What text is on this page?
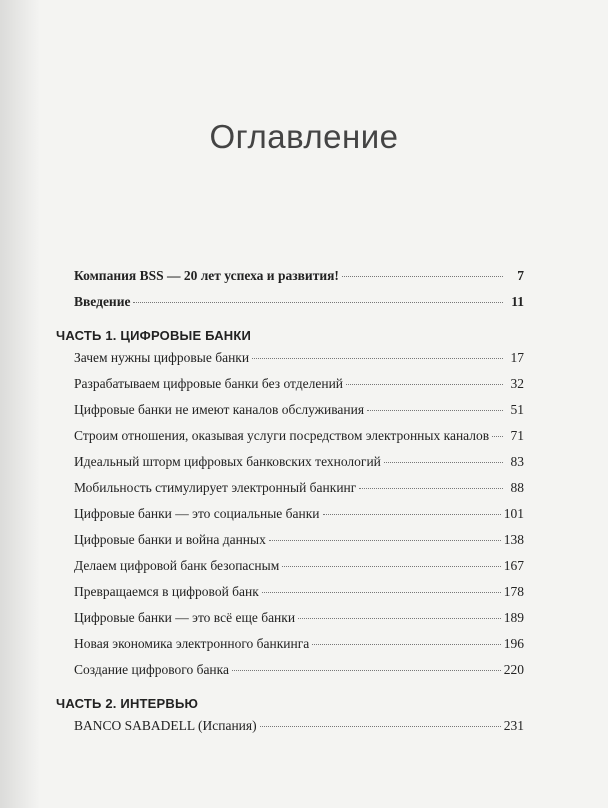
Оглавление
Компания BSS — 20 лет успеха и развития!	7
Введение	11
ЧАСТЬ 1. ЦИФРОВЫЕ БАНКИ
Зачем нужны цифровые банки	17
Разрабатываем цифровые банки без отделений	32
Цифровые банки не имеют каналов обслуживания	51
Строим отношения, оказывая услуги посредством электронных каналов	71
Идеальный шторм цифровых банковских технологий	83
Мобильность стимулирует электронный банкинг	88
Цифровые банки — это социальные банки	101
Цифровые банки и война данных	138
Делаем цифровой банк безопасным	167
Превращаемся в цифровой банк	178
Цифровые банки — это всё еще банки	189
Новая экономика электронного банкинга	196
Создание цифрового банка	220
ЧАСТЬ 2. ИНТЕРВЬЮ
BANCO SABADELL (Испания)	231
